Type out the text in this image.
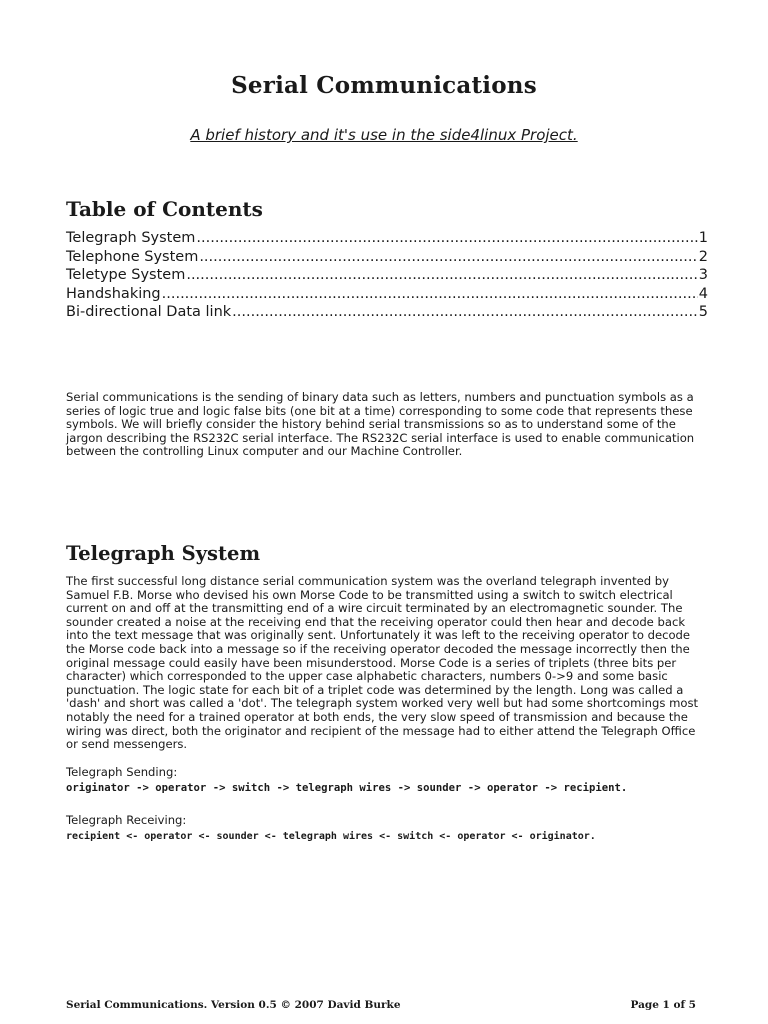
Serial Communications
A brief history and it's use in the side4linux Project.
Table of Contents
Telegraph System .....	1
Telephone System .....	2
Teletype System .....	3
Handshaking .....	4
Bi-directional Data link .....	5

Serial communications is the sending of binary data such as letters, numbers and punctuation symbols as a series of logic true and logic false bits (one bit at a time) corresponding to some code that represents these symbols. We will briefly consider the history behind serial transmissions so as to understand some of the jargon describing the RS232C serial interface. The RS232C serial interface is used to enable communication between the controlling Linux computer and our Machine Controller.

Telegraph System

The first successful long distance serial communication system was the overland telegraph invented by Samuel F.B. Morse who devised his own Morse Code to be transmitted using a switch to switch electrical current on and off at the transmitting end of a wire circuit terminated by an electromagnetic sounder. The sounder created a noise at the receiving end that the receiving operator could then hear and decode back into the text message that was originally sent. Unfortunately it was left to the receiving operator to decode the Morse code back into a message so if the receiving operator decoded the message incorrectly then the original message could easily have been misunderstood. Morse Code is a series of triplets (three bits per character) which corresponded to the upper case alphabetic characters, numbers 0->9 and some basic punctuation. The logic state for each bit of a triplet code was determined by the length. Long was called a 'dash' and short was called a 'dot'. The telegraph system worked very well but had some shortcomings most notably the need for a trained operator at both ends, the very slow speed of transmission and because the wiring was direct, both the originator and recipient of the message had to either attend the Telegraph Office or send messengers.

Telegraph Sending:
originator -> operator -> switch -> telegraph wires -> sounder -> operator -> recipient.
Telegraph Receiving:
recipient <- operator <- sounder <- telegraph wires <- switch <- operator <- originator.
Serial Communications. Version 0.5 © 2007 David Burke	Page 1 of 5
